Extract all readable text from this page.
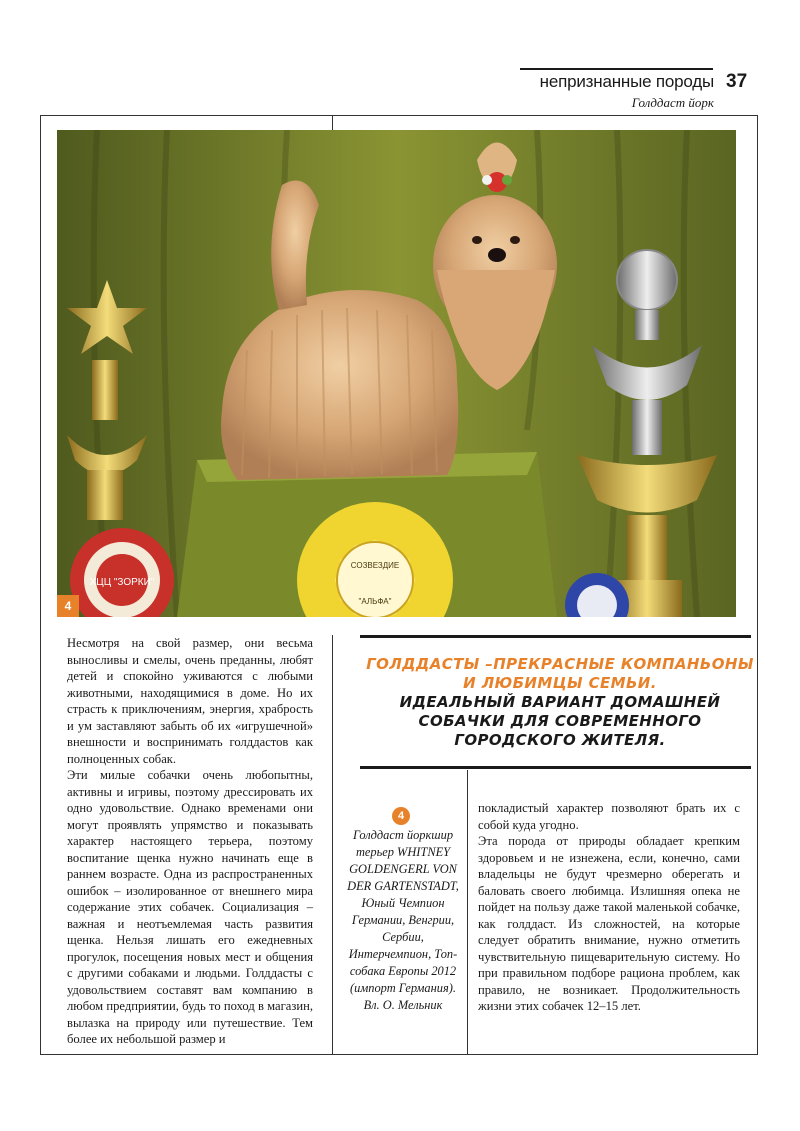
непризнанные породы 37
Голддаст йорк
ХЦЦ "ЗОРКИ"
СОЗВЕЗДИЕ
"АЛЬФА"
4

Несмотря на свой размер, они весьма выносливы и смелы, очень преданны, любят детей и спокойно уживаются с любыми животными, находящимися в доме. Но их страсть к приключениям, энергия, храбрость и ум заставляют забыть об их «игрушечной» внешности и воспринимать голддастов как полноценных собак.

Эти милые собачки очень любопытны, активны и игривы, поэтому дрессировать их одно удовольствие. Однако временами они могут проявлять упрямство и показывать характер настоящего терьера, поэтому воспитание щенка нужно начинать еще в раннем возрасте. Одна из распространенных ошибок – изолированное от внешнего мира содержание этих собачек. Социализация – важная и неотъемлемая часть развития щенка. Нельзя лишать его ежедневных прогулок, посещения новых мест и общения с другими собаками и людьми. Голддасты с удовольствием составят вам компанию в любом предприятии, будь то поход в магазин, вылазка на природу или путешествие. Тем более их небольшой размер и

ГОЛДДАСТЫ –ПРЕКРАСНЫЕ КОМПАНЬОНЫ И ЛЮБИМЦЫ СЕМЬИ.
ИДЕАЛЬНЫЙ ВАРИАНТ ДОМАШНЕЙ СОБАЧКИ ДЛЯ СОВРЕМЕННОГО ГОРОДСКОГО ЖИТЕЛЯ.
4
Голддаст йоркшир терьер WHITNEY GOLDENGERL VON DER GARTENSTADT, Юный Чемпион Германии, Венгрии, Сербии, Интерчемпион, Топ-собака Европы 2012 (импорт Германия). Вл. О. Мельник

покладистый характер позволяют брать их с собой куда угодно.

Эта порода от природы обладает крепким здоровьем и не изнежена, если, конечно, сами владельцы не будут чрезмерно оберегать и баловать своего любимца. Излишняя опека не пойдет на пользу даже такой маленькой собачке, как голддаст. Из сложностей, на которые следует обратить внимание, нужно отметить чувствительную пищеварительную систему. Но при правильном подборе рациона проблем, как правило, не возникает. Продолжительность жизни этих собачек 12–15 лет.
